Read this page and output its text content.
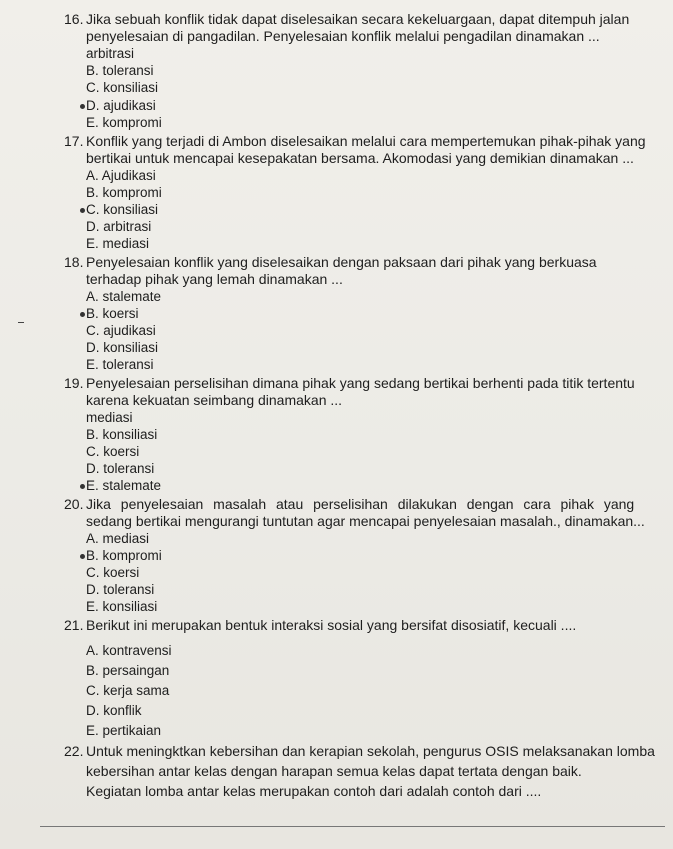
16. Jika sebuah konflik tidak dapat diselesaikan secara kekeluargaan, dapat ditempuh jalan
penyelesaian di pangadilan. Penyelesaian konflik melalui pengadilan dinamakan ...
arbitrasi
B. toleransi
C. konsiliasi
D. ajudikasi
E. kompromi
17. Konflik yang terjadi di Ambon diselesaikan melalui cara mempertemukan pihak-pihak yang
bertikai untuk mencapai kesepakatan bersama. Akomodasi yang demikian dinamakan ...
A. Ajudikasi
B. kompromi
C. konsiliasi
D. arbitrasi
E. mediasi
18. Penyelesaian konflik yang diselesaikan dengan paksaan dari pihak yang berkuasa
terhadap pihak yang lemah dinamakan ...
A. stalemate
B. koersi
C. ajudikasi
D. konsiliasi
E. toleransi
19. Penyelesaian perselisihan dimana pihak yang sedang bertikai berhenti pada titik tertentu
karena kekuatan seimbang dinamakan ...
mediasi
B. konsiliasi
C. koersi
D. toleransi
E. stalemate
20. Jika penyelesaian masalah atau perselisihan dilakukan dengan cara pihak yang
sedang bertikai mengurangi tuntutan agar mencapai penyelesaian masalah., dinamakan...
A. mediasi
B. kompromi
C. koersi
D. toleransi
E. konsiliasi
21. Berikut ini merupakan bentuk interaksi sosial yang bersifat disosiatif, kecuali ....
A. kontravensi
B. persaingan
C. kerja sama
D. konflik
E. pertikaian
22. Untuk meningktkan kebersihan dan kerapian sekolah, pengurus OSIS melaksanakan lomba
kebersihan antar kelas dengan harapan semua kelas dapat tertata dengan baik.
Kegiatan lomba antar kelas merupakan contoh dari adalah contoh dari ....
